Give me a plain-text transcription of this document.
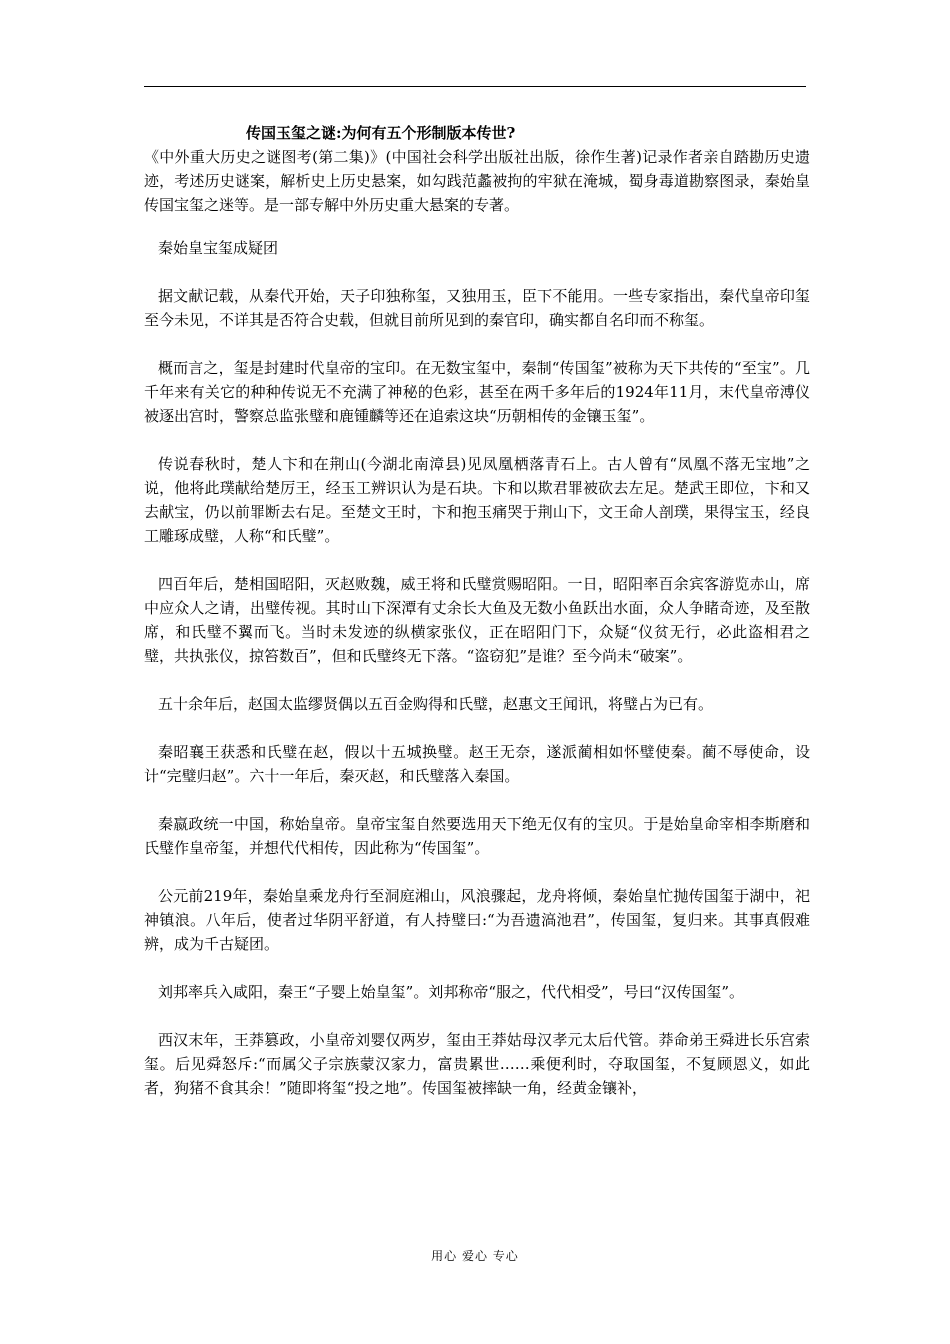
传国玉玺之谜:为何有五个形制版本传世?

《中外重大历史之谜图考(第二集)》(中国社会科学出版社出版，徐作生著)记录作者亲自踏勘历史遗迹，考述历史谜案，解析史上历史悬案，如勾践范蠡被拘的牢狱在淹城，蜀身毒道勘察图录，秦始皇传国宝玺之迷等。是一部专解中外历史重大悬案的专著。

秦始皇宝玺成疑团

据文献记载，从秦代开始，天子印独称玺，又独用玉，臣下不能用。一些专家指出，秦代皇帝印玺至今未见，不详其是否符合史载，但就目前所见到的秦官印，确实都自名印而不称玺。

概而言之，玺是封建时代皇帝的宝印。在无数宝玺中，秦制“传国玺”被称为天下共传的“至宝”。几千年来有关它的种种传说无不充满了神秘的色彩，甚至在两千多年后的1924年11月，末代皇帝溥仪被逐出宫时，警察总监张璧和鹿锺麟等还在追索这块“历朝相传的金镶玉玺”。

传说春秋时，楚人卞和在荆山(今湖北南漳县)见凤凰栖落青石上。古人曾有“凤凰不落无宝地”之说，他将此璞献给楚厉王，经玉工辨识认为是石块。卞和以欺君罪被砍去左足。楚武王即位，卞和又去献宝，仍以前罪断去右足。至楚文王时，卞和抱玉痛哭于荆山下，文王命人剖璞，果得宝玉，经良工雕琢成璧，人称“和氏璧”。

四百年后，楚相国昭阳，灭赵败魏，威王将和氏璧赏赐昭阳。一日，昭阳率百余宾客游览赤山，席中应众人之请，出璧传视。其时山下深潭有丈余长大鱼及无数小鱼跃出水面，众人争睹奇迹，及至散席，和氏璧不翼而飞。当时未发迹的纵横家张仪，正在昭阳门下，众疑“仪贫无行，必此盗相君之璧，共执张仪，掠笞数百”，但和氏璧终无下落。“盗窃犯”是谁？至今尚未“破案”。

五十余年后，赵国太监缪贤偶以五百金购得和氏璧，赵惠文王闻讯，将璧占为已有。

秦昭襄王获悉和氏璧在赵，假以十五城换璧。赵王无奈，遂派蔺相如怀璧使秦。蔺不辱使命，设计“完璧归赵”。六十一年后，秦灭赵，和氏璧落入秦国。

秦嬴政统一中国，称始皇帝。皇帝宝玺自然要选用天下绝无仅有的宝贝。于是始皇命宰相李斯磨和氏璧作皇帝玺，并想代代相传，因此称为“传国玺”。

公元前219年，秦始皇乘龙舟行至洞庭湘山，风浪骤起，龙舟将倾，秦始皇忙抛传国玺于湖中，祀神镇浪。八年后，使者过华阴平舒道，有人持璧曰:“为吾遗滈池君”，传国玺，复归来。其事真假难辨，成为千古疑团。

刘邦率兵入咸阳，秦王“子婴上始皇玺”。刘邦称帝“服之，代代相受”，号曰“汉传国玺”。

西汉末年，王莽篡政，小皇帝刘婴仅两岁，玺由王莽姑母汉孝元太后代管。莽命弟王舜进长乐宫索玺。后见舜怒斥:“而属父子宗族蒙汉家力，富贵累世……乘便利时，夺取国玺，不复顾恩义，如此者，狗猪不食其余！”随即将玺“投之地”。传国玺被摔缺一角，经黄金镶补，

用心 爱心 专心
